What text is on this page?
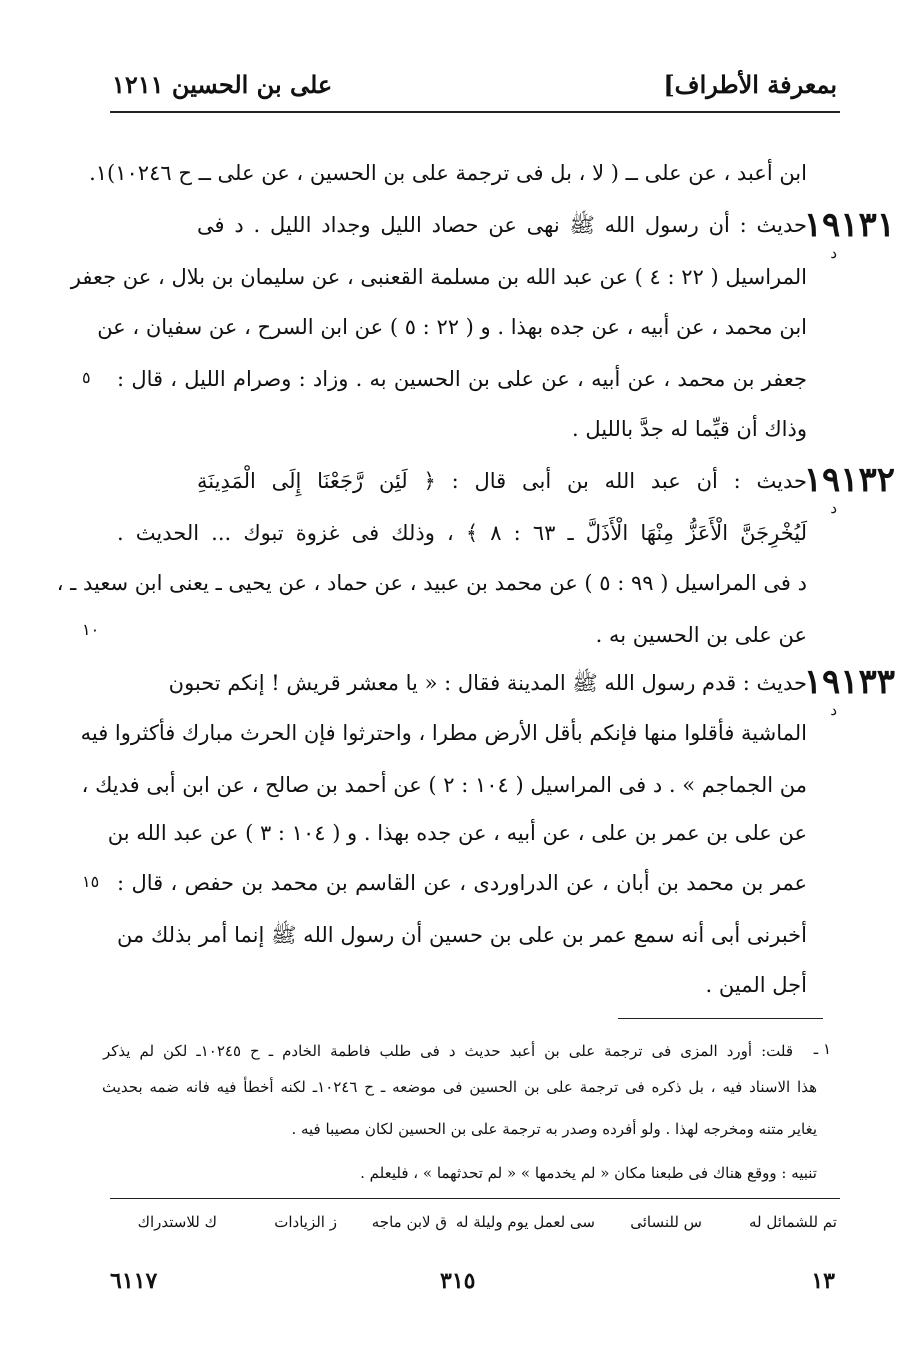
بمعرفة الأطراف]
على بن الحسين ١٢١١
ابن أعبد ، عن على ــ ( لا ، بل فى ترجمة على بن الحسين ، عن على ــ ح ١٠٢٤٦)١.
حديث : أن رسول الله ﷺ نهى عن حصاد الليل وجداد الليل . د فى
المراسيل ( ٢٢ : ٤ ) عن عبد الله بن مسلمة القعنبى ، عن سليمان بن بلال ، عن جعفر
ابن محمد ، عن أبيه ، عن جده بهذا . و ( ٢٢ : ٥ ) عن ابن السرح ، عن سفيان ، عن
جعفر بن محمد ، عن أبيه ، عن على بن الحسين به . وزاد : وصرام الليل ، قال :
وذاك أن قيِّما له جدَّ بالليل .
حديث : أن عبد الله بن أبى قال : ﴿ لَئِن رَّجَعْنَا إِلَى الْمَدِينَةِ
لَيُخْرِجَنَّ الْأَعَزُّ مِنْهَا الْأَذَلَّ ـ ٦٣ : ٨ ﴾ ، وذلك فى غزوة تبوك ... الحديث .
د فى المراسيل ( ٩٩ : ٥ ) عن محمد بن عبيد ، عن حماد ، عن يحيى ـ يعنى ابن سعيد ـ ،
عن على بن الحسين به .
حديث : قدم رسول الله ﷺ المدينة فقال : « يا معشر قريش ! إنكم تحبون
الماشية فأقلوا منها فإنكم بأقل الأرض مطرا ، واحترثوا فإن الحرث مبارك فأكثروا فيه
من الجماجم » . د فى المراسيل ( ١٠٤ : ٢ ) عن أحمد بن صالح ، عن ابن أبى فديك ،
عن على بن عمر بن على ، عن أبيه ، عن جده بهذا . و ( ١٠٤ : ٣ ) عن عبد الله بن
عمر بن محمد بن أبان ، عن الدراوردى ، عن القاسم بن محمد بن حفص ، قال :
أخبرنى أبى أنه سمع عمر بن على بن حسين أن رسول الله ﷺ إنما أمر بذلك من
أجل المين .
١٩١٣١
د
١٩١٣٢
د
١٩١٣٣
د
٥
١٠
١٥
١ ـ
قلت: أورد المزى فى ترجمة على بن أعبد حديث د فى طلب فاطمة الخادم ـ ح ١٠٢٤٥ـ لكن لم يذكر
هذا الاسناد فيه ، بل ذكره فى ترجمة على بن الحسين فى موضعه ـ ح ١٠٢٤٦ـ لكنه أخطأ فيه فانه ضمه بحديث
يغاير متنه ومخرجه لهذا . ولو أفرده وصدر به ترجمة على بن الحسين لكان مصيبا فيه .
تنبيه : ووقع هناك فى طبعنا مكان « لم يخدمها » « لم تحدثهما » ، فليعلم .
تم للشمائل له
س للنسائى
سى لعمل يوم وليلة له
ق لابن ماجه
ز الزيادات
ك للاستدراك
١٣
٣١٥
٦١١٧
